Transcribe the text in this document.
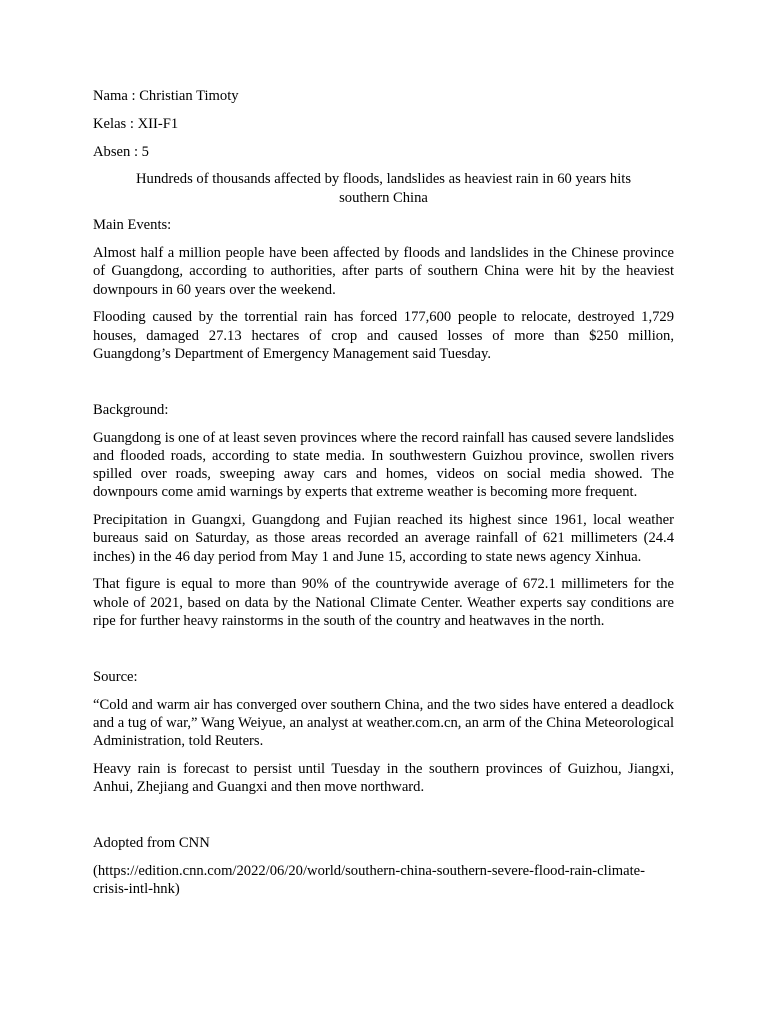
Nama : Christian Timoty

Kelas : XII-F1

Absen : 5

Hundreds of thousands affected by floods, landslides as heaviest rain in 60 years hits southern China

Main Events:

Almost half a million people have been affected by floods and landslides in the Chinese province of Guangdong, according to authorities, after parts of southern China were hit by the heaviest downpours in 60 years over the weekend.

Flooding caused by the torrential rain has forced 177,600 people to relocate, destroyed 1,729 houses, damaged 27.13 hectares of crop and caused losses of more than $250 million, Guangdong’s Department of Emergency Management said Tuesday.

Background:

Guangdong is one of at least seven provinces where the record rainfall has caused severe landslides and flooded roads, according to state media. In southwestern Guizhou province, swollen rivers spilled over roads, sweeping away cars and homes, videos on social media showed. The downpours come amid warnings by experts that extreme weather is becoming more frequent.

Precipitation in Guangxi, Guangdong and Fujian reached its highest since 1961, local weather bureaus said on Saturday, as those areas recorded an average rainfall of 621 millimeters (24.4 inches) in the 46 day period from May 1 and June 15, according to state news agency Xinhua.

That figure is equal to more than 90% of the countrywide average of 672.1 millimeters for the whole of 2021, based on data by the National Climate Center. Weather experts say conditions are ripe for further heavy rainstorms in the south of the country and heatwaves in the north.

Source:

“Cold and warm air has converged over southern China, and the two sides have entered a deadlock and a tug of war,” Wang Weiyue, an analyst at weather.com.cn, an arm of the China Meteorological Administration, told Reuters.

Heavy rain is forecast to persist until Tuesday in the southern provinces of Guizhou, Jiangxi, Anhui, Zhejiang and Guangxi and then move northward.

Adopted from CNN

(https://edition.cnn.com/2022/06/20/world/southern-china-southern-severe-flood-rain-climate-crisis-intl-hnk)
